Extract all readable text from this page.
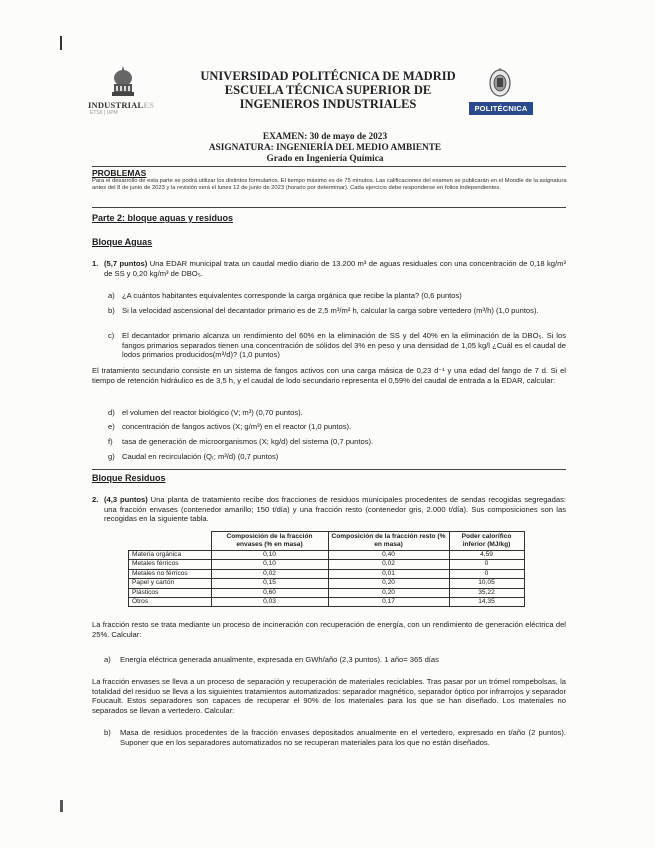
INDUSTRIALES
ETSII | UPM
UNIVERSIDAD POLITÉCNICA DE MADRID
ESCUELA TÉCNICA SUPERIOR DE
INGENIEROS INDUSTRIALES	POLITÉCNICA
EXAMEN: 30 de mayo de 2023
ASIGNATURA: INGENIERÍA DEL MEDIO AMBIENTE
Grado en Ingeniería Química
PROBLEMAS
Para el desarrollo de esta parte se podrá utilizar los distintos formularios. El tiempo máximo es de 75 minutos. Las calificaciones del examen se publicarán en el Moodle de la asignatura antes del 8 de junio de 2023 y la revisión será el lunes 12 de junio de 2023 (horario por determinar). Cada ejercicio debe responderse en folios independientes.
Parte 2: bloque aguas y residuos
Bloque Aguas
1. (5,7 puntos) Una EDAR municipal trata un caudal medio diario de 13.200 m³ de aguas residuales con una concentración de 0,18 kg/m³ de SS y 0,20 kg/m³ de DBO₅.
a) ¿A cuántos habitantes equivalentes corresponde la carga orgánica que recibe la planta? (0,6 puntos)
b) Si la velocidad ascensional del decantador primario es de 2,5 m³/m² h, calcular la carga sobre vertedero (m³/h) (1,0 puntos).
c) El decantador primario alcanza un rendimiento del 60% en la eliminación de SS y del 40% en la eliminación de la DBO₅. Si los fangos primarios separados tienen una concentración de sólidos del 3% en peso y una densidad de 1,05 kg/l ¿Cuál es el caudal de lodos primarios producidos(m³/d)? (1,0 puntos)
El tratamiento secundario consiste en un sistema de fangos activos con una carga másica de 0,23 d⁻¹ y una edad del fango de 7 d. Si el tiempo de retención hidráulico es de 3,5 h, y el caudal de lodo secundario representa el 0,59% del caudal de entrada a la EDAR, calcular:
d) el volumen del reactor biológico (V; m³) (0,70 puntos).
e) concentración de fangos activos (X; g/m³) en el reactor (1,0 puntos).
f) tasa de generación de microorganismos (X; kg/d) del sistema (0,7 puntos).
g) Caudal en recirculación (Qᵣ; m³/d) (0,7 puntos)
Bloque Residuos
2. (4,3 puntos) Una planta de tratamiento recibe dos fracciones de residuos municipales procedentes de sendas recogidas segregadas: una fracción envases (contenedor amarillo; 150 t/día) y una fracción resto (contenedor gris, 2.000 t/día). Sus composiciones son las recogidas en la siguiente tabla.
	Composición de la fracción envases (% en masa)	Composición de la fracción resto (% en masa)	Poder calorífico inferior (MJ/kg)
Materia orgánica	0,10	0,40	4,59
Metales férricos	0,10	0,02	0
Metales no férricos	0,02	0,01	0
Papel y cartón	0,15	0,20	10,05
Plásticos	0,60	0,20	35,22
Otros	0,03	0,17	14,35
La fracción resto se trata mediante un proceso de incineración con recuperación de energía, con un rendimiento de generación eléctrica del 25%. Calcular:
a) Energía eléctrica generada anualmente, expresada en GWh/año (2,3 puntos). 1 año= 365 días
La fracción envases se lleva a un proceso de separación y recuperación de materiales reciclables. Tras pasar por un trómel rompebolsas, la totalidad del residuo se lleva a los siguientes tratamientos automatizados: separador magnético, separador óptico por infrarrojos y separador Foucault. Estos separadores son capaces de recuperar el 90% de los materiales para los que se han diseñado. Los materiales no separados se llevan a vertedero. Calcular:
b) Masa de residuos procedentes de la fracción envases depositados anualmente en el vertedero, expresado en t/año (2 puntos). Suponer que en los separadores automatizados no se recuperan materiales para los que no están diseñados.
